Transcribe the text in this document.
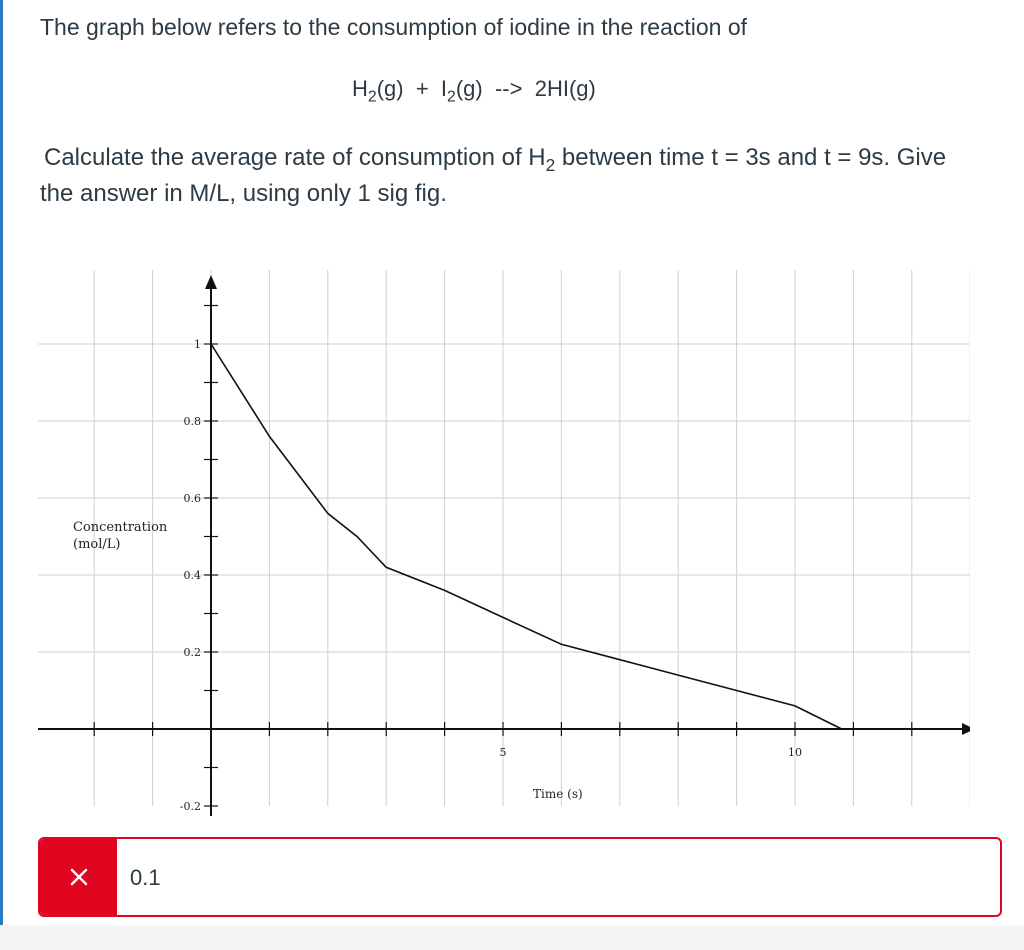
The graph below refers to the consumption of iodine in the reaction of
$H_2(g) + I_2(g)$ --> 2HI(g)
Calculate the average rate of consumption of $H_2$ between time t = 3s and t = 9s. Give
the answer in M/L, using only 1 sig fig.
1
0.8
0.6
0.4
0.2
-0.2
5	10
Concentration
(mol/L)
Time (s)
0.1
